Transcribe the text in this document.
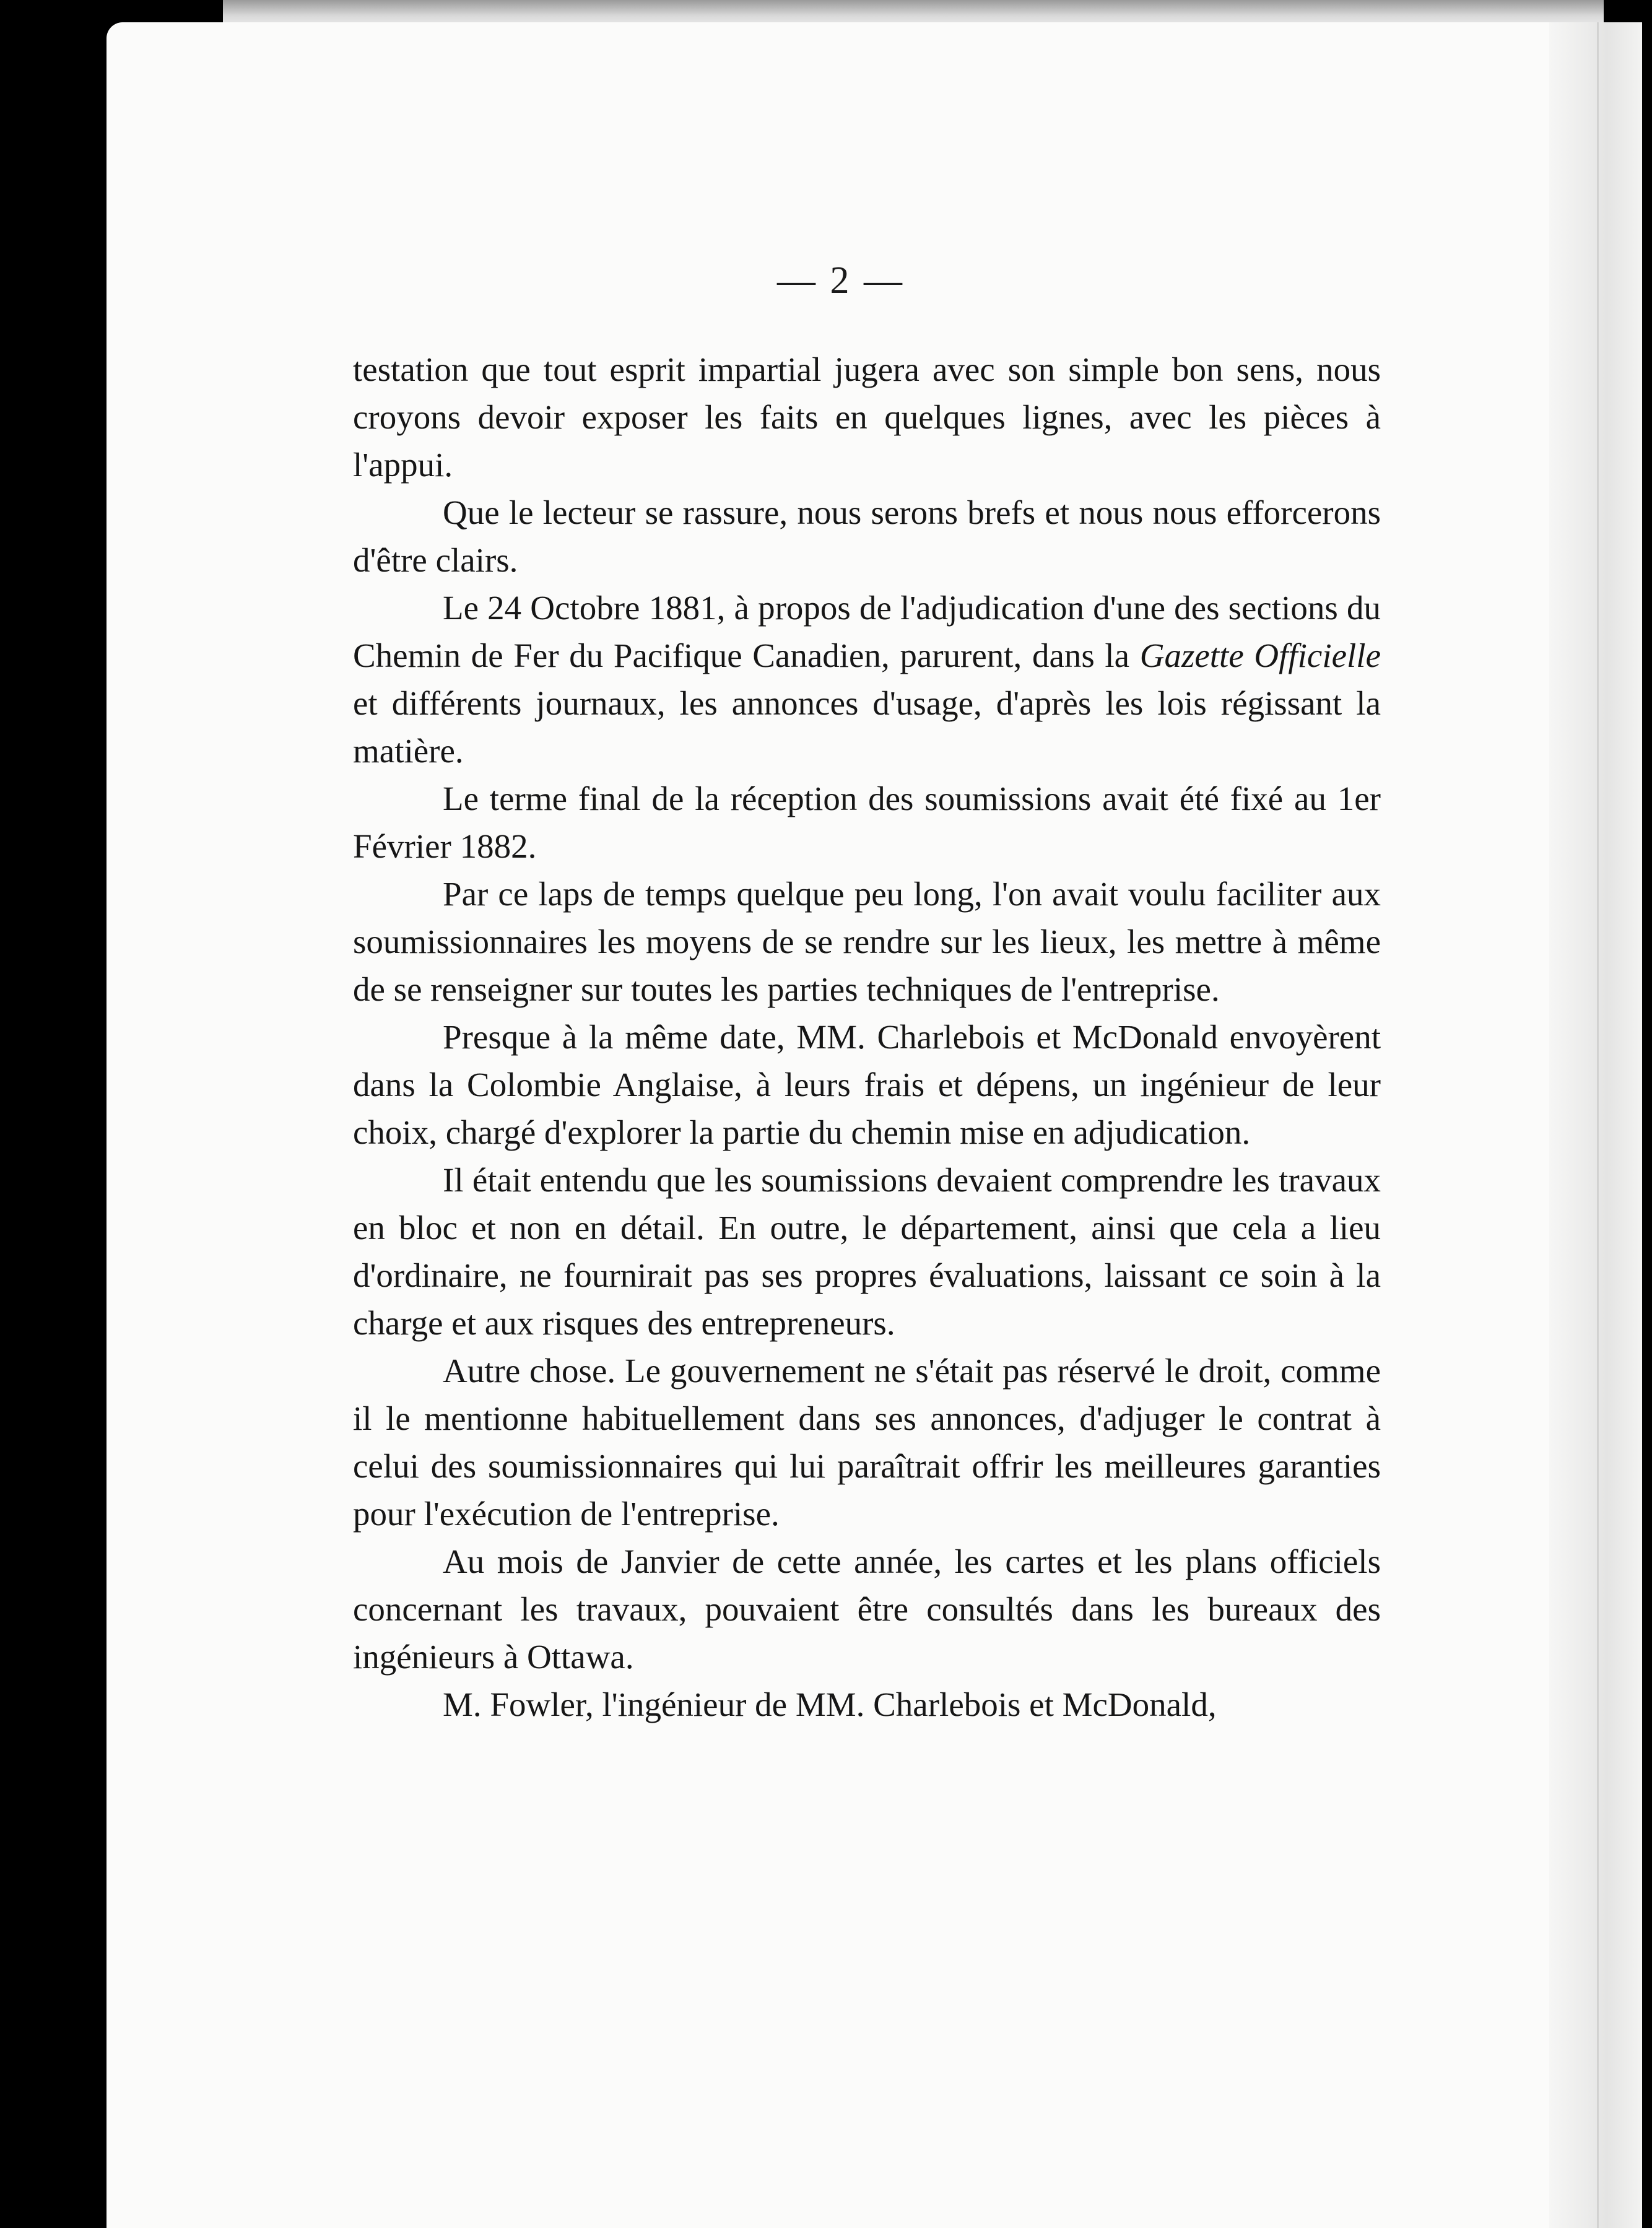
— 2 —

testation que tout esprit impartial jugera avec son simple bon sens, nous croyons devoir exposer les faits en quelques lignes, avec les pièces à l'appui.

Que le lecteur se rassure, nous serons brefs et nous nous efforcerons d'être clairs.

Le 24 Octobre 1881, à propos de l'adjudication d'une des sections du Chemin de Fer du Pacifique Canadien, parurent, dans la Gazette Officielle et différents journaux, les annonces d'usage, d'après les lois régissant la matière.

Le terme final de la réception des soumissions avait été fixé au 1er Février 1882.

Par ce laps de temps quelque peu long, l'on avait voulu faciliter aux soumissionnaires les moyens de se rendre sur les lieux, les mettre à même de se renseigner sur toutes les parties techniques de l'entreprise.

Presque à la même date, MM. Charlebois et McDonald envoyèrent dans la Colombie Anglaise, à leurs frais et dépens, un ingénieur de leur choix, chargé d'explorer la partie du chemin mise en adjudication.

Il était entendu que les soumissions devaient comprendre les travaux en bloc et non en détail. En outre, le département, ainsi que cela a lieu d'ordinaire, ne fournirait pas ses propres évaluations, laissant ce soin à la charge et aux risques des entrepreneurs.

Autre chose. Le gouvernement ne s'était pas réservé le droit, comme il le mentionne habituellement dans ses annonces, d'adjuger le contrat à celui des soumissionnaires qui lui paraîtrait offrir les meilleures garanties pour l'exécution de l'entreprise.

Au mois de Janvier de cette année, les cartes et les plans officiels concernant les travaux, pouvaient être consultés dans les bureaux des ingénieurs à Ottawa.

M. Fowler, l'ingénieur de MM. Charlebois et McDonald,
